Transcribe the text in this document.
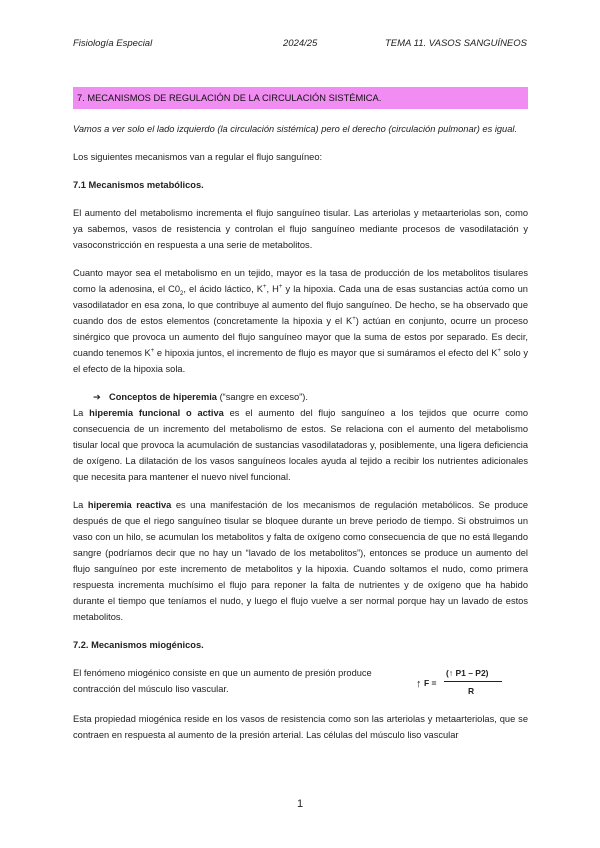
Fisiología Especial	2024/25	TEMA 11. VASOS SANGUÍNEOS
7. MECANISMOS DE REGULACIÓN DE LA CIRCULACIÓN SISTÉMICA.

Vamos a ver solo el lado izquierdo (la circulación sistémica) pero el derecho (circulación pulmonar) es igual.

Los siguientes mecanismos van a regular el flujo sanguíneo:

7.1 Mecanismos metabólicos.

El aumento del metabolismo incrementa el flujo sanguíneo tisular. Las arteriolas y metaarteriolas son, como ya sabemos, vasos de resistencia y controlan el flujo sanguíneo mediante procesos de vasodilatación y vasoconstricción en respuesta a una serie de metabolitos.

Cuanto mayor sea el metabolismo en un tejido, mayor es la tasa de producción de los metabolitos tisulares como la adenosina, el $C0_2$, el ácido láctico, K+, H+ y la hipoxia. Cada una de esas sustancias actúa como un vasodilatador en esa zona, lo que contribuye al aumento del flujo sanguíneo. De hecho, se ha observado que cuando dos de estos elementos (concretamente la hipoxia y el K+) actúan en conjunto, ocurre un proceso sinérgico que provoca un aumento del flujo sanguíneo mayor que la suma de estos por separado. Es decir, cuando tenemos K+ e hipoxia juntos, el incremento de flujo es mayor que si sumáramos el efecto del K+ solo y el efecto de la hipoxia sola.

➔ Conceptos de hiperemia (“sangre en exceso”).

La hiperemia funcional o activa es el aumento del flujo sanguíneo a los tejidos que ocurre como consecuencia de un incremento del metabolismo de estos. Se relaciona con el aumento del metabolismo tisular local que provoca la acumulación de sustancias vasodilatadoras y, posiblemente, una ligera deficiencia de oxígeno. La dilatación de los vasos sanguíneos locales ayuda al tejido a recibir los nutrientes adicionales que necesita para mantener el nuevo nivel funcional.

La hiperemia reactiva es una manifestación de los mecanismos de regulación metabólicos. Se produce después de que el riego sanguíneo tisular se bloquee durante un breve periodo de tiempo. Si obstruimos un vaso con un hilo, se acumulan los metabolitos y falta de oxígeno como consecuencia de que no está llegando sangre (podríamos decir que no hay un “lavado de los metabolitos”), entonces se produce un aumento del flujo sanguíneo por este incremento de metabolitos y la hipoxia. Cuando soltamos el nudo, como primera respuesta incrementa muchísimo el flujo para reponer la falta de nutrientes y de oxígeno que ha habido durante el tiempo que teníamos el nudo, y luego el flujo vuelve a ser normal porque hay un lavado de estos metabolitos.

7.2. Mecanismos miogénicos.
El fenómeno miogénico consiste en que un aumento de presión produce contracción del músculo liso vascular.	↑ F =
(↑ P1 – P2)
R

Esta propiedad miogénica reside en los vasos de resistencia como son las arteriolas y metaarteriolas, que se contraen en respuesta al aumento de la presión arterial. Las células del músculo liso vascular

1
